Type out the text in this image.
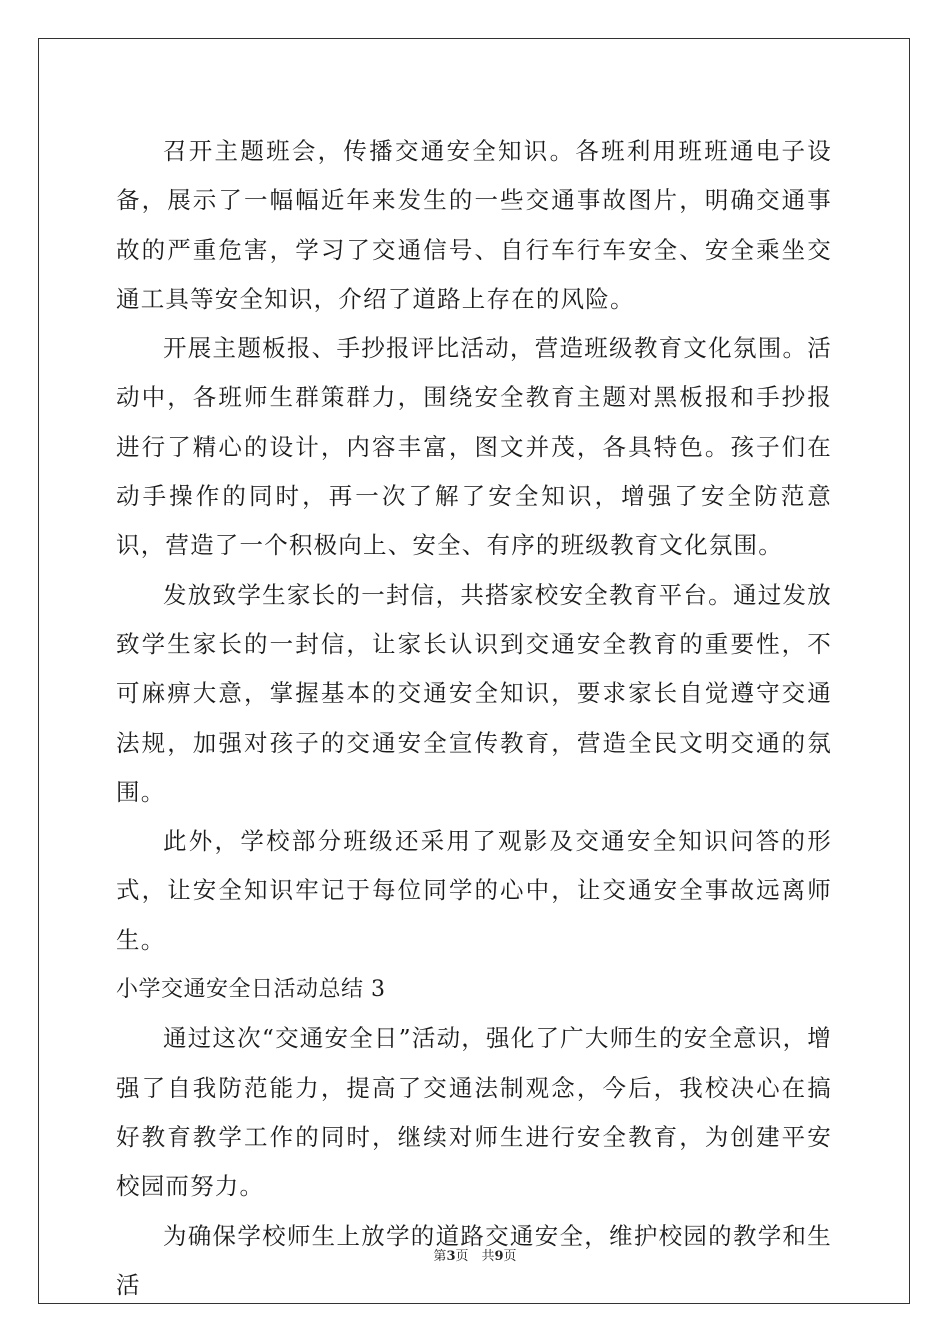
召开主题班会，传播交通安全知识。各班利用班班通电子设备，展示了一幅幅近年来发生的一些交通事故图片，明确交通事故的严重危害，学习了交通信号、自行车行车安全、安全乘坐交通工具等安全知识，介绍了道路上存在的风险。

开展主题板报、手抄报评比活动，营造班级教育文化氛围。活动中，各班师生群策群力，围绕安全教育主题对黑板报和手抄报进行了精心的设计，内容丰富，图文并茂，各具特色。孩子们在动手操作的同时，再一次了解了安全知识，增强了安全防范意识，营造了一个积极向上、安全、有序的班级教育文化氛围。

发放致学生家长的一封信，共搭家校安全教育平台。通过发放致学生家长的一封信，让家长认识到交通安全教育的重要性，不可麻痹大意，掌握基本的交通安全知识，要求家长自觉遵守交通法规，加强对孩子的交通安全宣传教育，营造全民文明交通的氛围。

此外，学校部分班级还采用了观影及交通安全知识问答的形式，让安全知识牢记于每位同学的心中，让交通安全事故远离师生。

小学交通安全日活动总结 3

通过这次“交通安全日”活动，强化了广大师生的安全意识，增强了自我防范能力，提高了交通法制观念，今后，我校决心在搞好教育教学工作的同时，继续对师生进行安全教育，为创建平安校园而努力。

为确保学校师生上放学的道路交通安全，维护校园的教学和生活

第3页　共9页
